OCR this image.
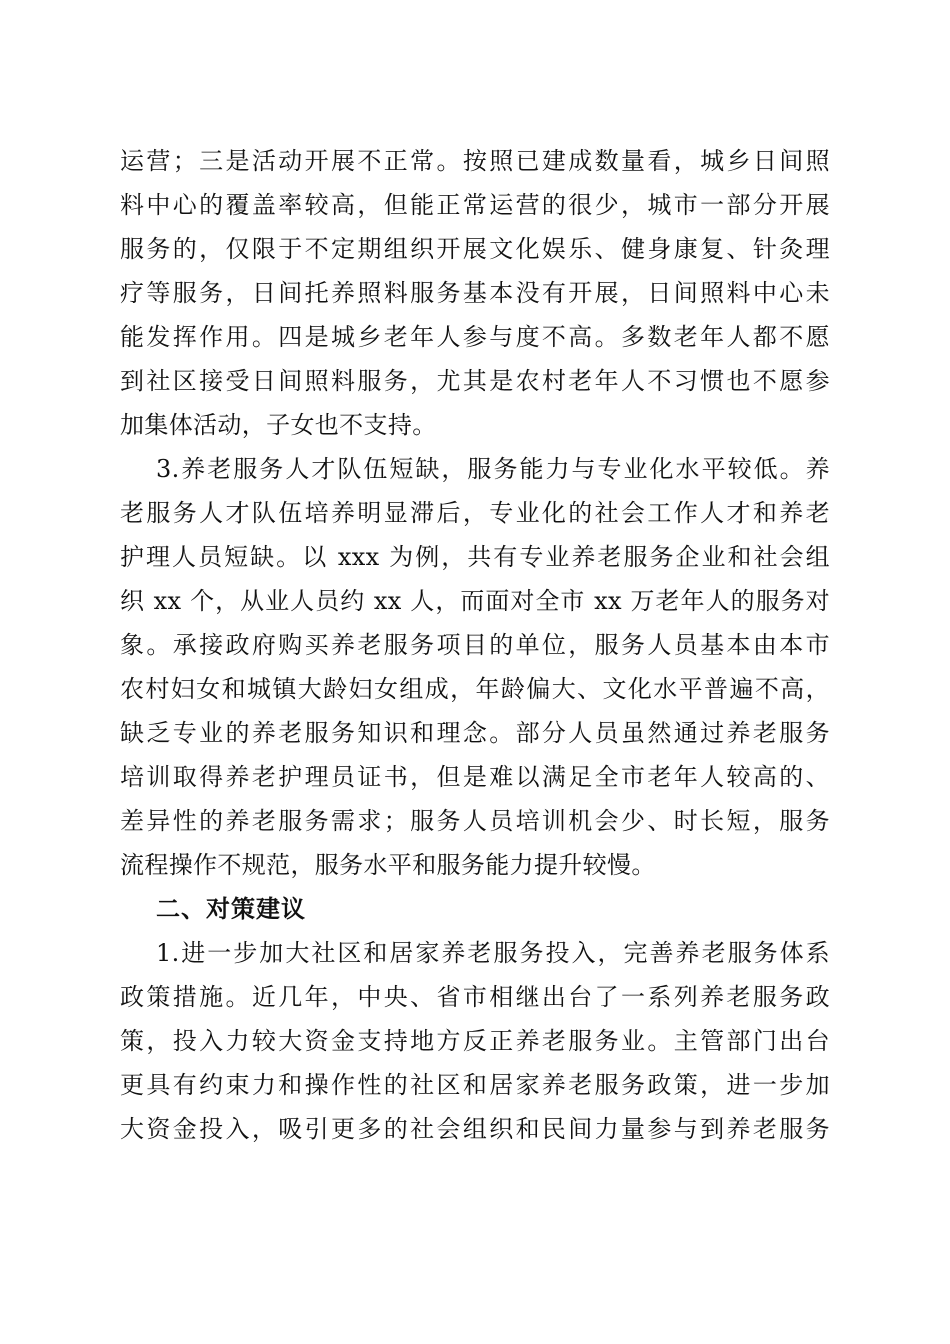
运营；三是活动开展不正常。按照已建成数量看，城乡日间照
料中心的覆盖率较高，但能正常运营的很少，城市一部分开展
服务的，仅限于不定期组织开展文化娱乐、健身康复、针灸理
疗等服务，日间托养照料服务基本没有开展，日间照料中心未
能发挥作用。四是城乡老年人参与度不高。多数老年人都不愿
到社区接受日间照料服务，尤其是农村老年人不习惯也不愿参
加集体活动，子女也不支持。
3.养老服务人才队伍短缺，服务能力与专业化水平较低。养
老服务人才队伍培养明显滞后，专业化的社会工作人才和养老
护理人员短缺。以 xxx 为例，共有专业养老服务企业和社会组
织 xx 个，从业人员约 xx 人，而面对全市 xx 万老年人的服务对
象。承接政府购买养老服务项目的单位，服务人员基本由本市
农村妇女和城镇大龄妇女组成，年龄偏大、文化水平普遍不高，
缺乏专业的养老服务知识和理念。部分人员虽然通过养老服务
培训取得养老护理员证书，但是难以满足全市老年人较高的、
差异性的养老服务需求；服务人员培训机会少、时长短，服务
流程操作不规范，服务水平和服务能力提升较慢。
二、对策建议
1.进一步加大社区和居家养老服务投入，完善养老服务体系
政策措施。近几年，中央、省市相继出台了一系列养老服务政
策，投入力较大资金支持地方反正养老服务业。主管部门出台
更具有约束力和操作性的社区和居家养老服务政策，进一步加
大资金投入，吸引更多的社会组织和民间力量参与到养老服务
